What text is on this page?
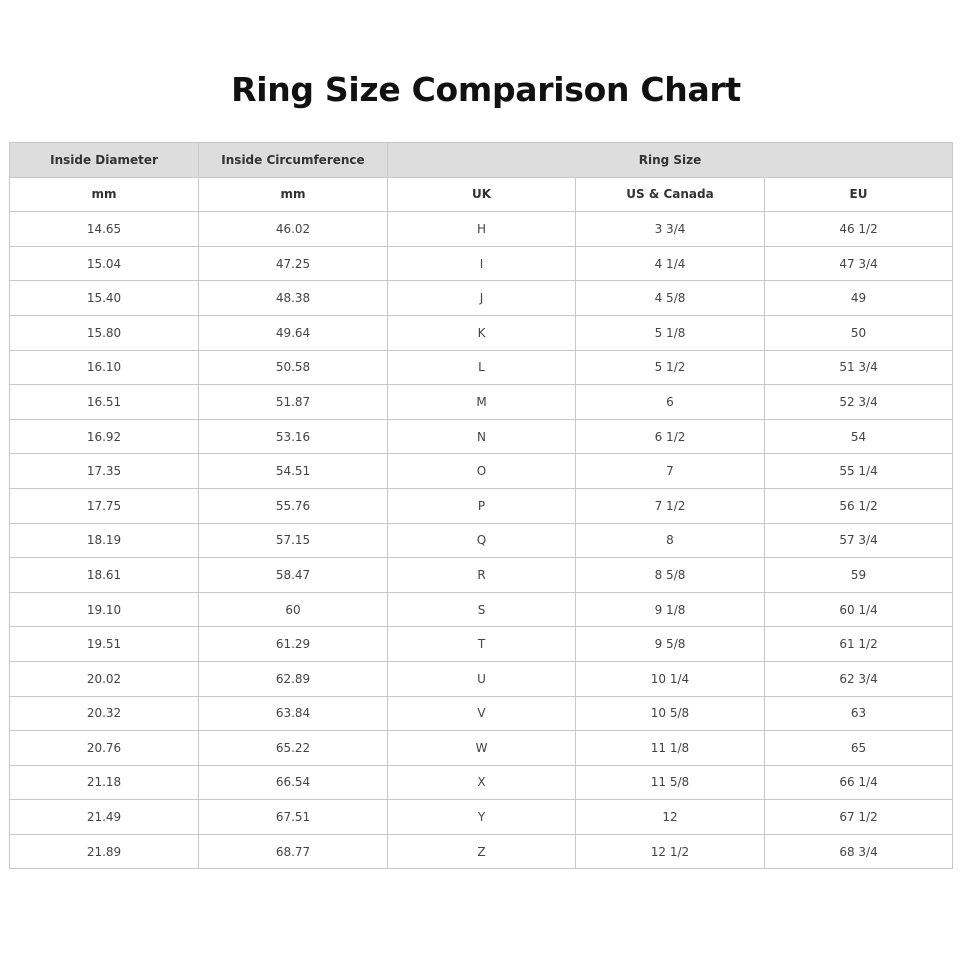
Ring Size Comparison Chart
Inside Diameter	Inside Circumference	Ring Size		
mm	mm	UK	US & Canada	EU
14.65	46.02	H	3 3/4	46 1/2
15.04	47.25	I	4 1/4	47 3/4
15.40	48.38	J	4 5/8	49
15.80	49.64	K	5 1/8	50
16.10	50.58	L	5 1/2	51 3/4
16.51	51.87	M	6	52 3/4
16.92	53.16	N	6 1/2	54
17.35	54.51	O	7	55 1/4
17.75	55.76	P	7 1/2	56 1/2
18.19	57.15	Q	8	57 3/4
18.61	58.47	R	8 5/8	59
19.10	60	S	9 1/8	60 1/4
19.51	61.29	T	9 5/8	61 1/2
20.02	62.89	U	10 1/4	62 3/4
20.32	63.84	V	10 5/8	63
20.76	65.22	W	11 1/8	65
21.18	66.54	X	11 5/8	66 1/4
21.49	67.51	Y	12	67 1/2
21.89	68.77	Z	12 1/2	68 3/4
